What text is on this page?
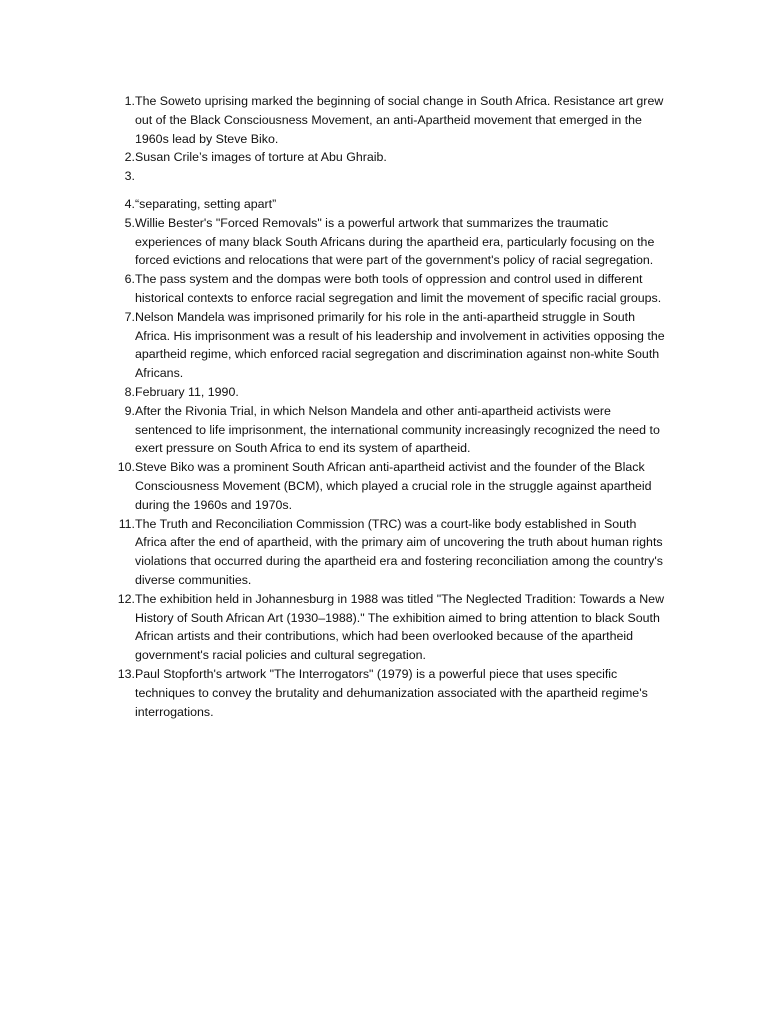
1. The Soweto uprising marked the beginning of social change in South Africa. Resistance art grew out of the Black Consciousness Movement, an anti-Apartheid movement that emerged in the 1960s lead by Steve Biko.
2. Susan Crile’s images of torture at Abu Ghraib.
3.
4. “separating, setting apart”
5. Willie Bester's "Forced Removals" is a powerful artwork that summarizes the traumatic experiences of many black South Africans during the apartheid era, particularly focusing on the forced evictions and relocations that were part of the government's policy of racial segregation.
6. The pass system and the dompas were both tools of oppression and control used in different historical contexts to enforce racial segregation and limit the movement of specific racial groups.
7. Nelson Mandela was imprisoned primarily for his role in the anti-apartheid struggle in South Africa. His imprisonment was a result of his leadership and involvement in activities opposing the apartheid regime, which enforced racial segregation and discrimination against non-white South Africans.
8. February 11, 1990.
9. After the Rivonia Trial, in which Nelson Mandela and other anti-apartheid activists were sentenced to life imprisonment, the international community increasingly recognized the need to exert pressure on South Africa to end its system of apartheid.
10. Steve Biko was a prominent South African anti-apartheid activist and the founder of the Black Consciousness Movement (BCM), which played a crucial role in the struggle against apartheid during the 1960s and 1970s.
11. The Truth and Reconciliation Commission (TRC) was a court-like body established in South Africa after the end of apartheid, with the primary aim of uncovering the truth about human rights violations that occurred during the apartheid era and fostering reconciliation among the country's diverse communities.
12. The exhibition held in Johannesburg in 1988 was titled "The Neglected Tradition: Towards a New History of South African Art (1930–1988)." The exhibition aimed to bring attention to black South African artists and their contributions, which had been overlooked because of the apartheid government's racial policies and cultural segregation.
13. Paul Stopforth's artwork "The Interrogators" (1979) is a powerful piece that uses specific techniques to convey the brutality and dehumanization associated with the apartheid regime's interrogations.
